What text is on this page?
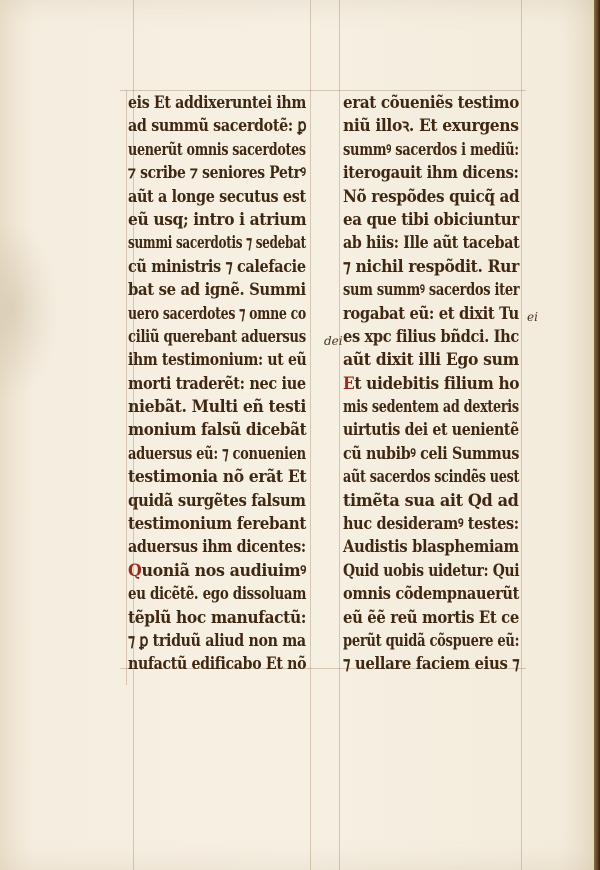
eis Et addixeruntei ihm
ad summũ sacerdotẽ: ꝑ
uenerũt omnis sacerdotes
⁊ scribe ⁊ seniores Petrꝰ
aũt a longe secutus est
eũ usq; intro i atrium
summi sacerdotis ⁊ sedebat
cũ ministris ⁊ calefacie
bat se ad ignẽ. Summi
uero sacerdotes ⁊ omne co
ciliũ querebant aduersus
ihm testimonium: ut eũ
morti traderẽt: nec iue
niebãt. Multi eñ testi
monium falsũ dicebãt
aduersus eũ: ⁊ conuenien
testimonia nõ erãt Et
quidã surgẽtes falsum
testimonium ferebant
aduersus ihm dicentes:
Quoniã nos audiuimꝰ
eu dicẽtẽ. ego dissoluam
tẽplũ hoc manufactũ:
⁊ ꝑ triduũ aliud non ma
nufactũ edificabo Et nõ
erat cõueniẽs testimo
niũ illoꝛ. Et exurgens
summꝰ sacerdos i mediũ:
iterogauit ihm dicens:
Nõ respõdes quicq̃ ad
ea que tibi obiciuntur
ab hiis: Ille aũt tacebat
⁊ nichil respõdit. Rur
sum summꝰ sacerdos iter
rogabat eũ: et dixit Tu
es xpc filius bñdci. Ihc
aũt dixit illi Ego sum
Et uidebitis filium ho
mis sedentem ad dexteris
uirtutis dei et uenientẽ
cũ nubibꝰ celi Summus
aũt sacerdos scindẽs uest
timẽta sua ait Qd ad
huc desideramꝰ testes:
Audistis blasphemiam
Quid uobis uidetur: Qui
omnis cõdempnauerũt
eũ ẽẽ reũ mortis Et ce
perũt quidã cõspuere eũ:
⁊ uellare faciem eius ⁊
dei
ei
